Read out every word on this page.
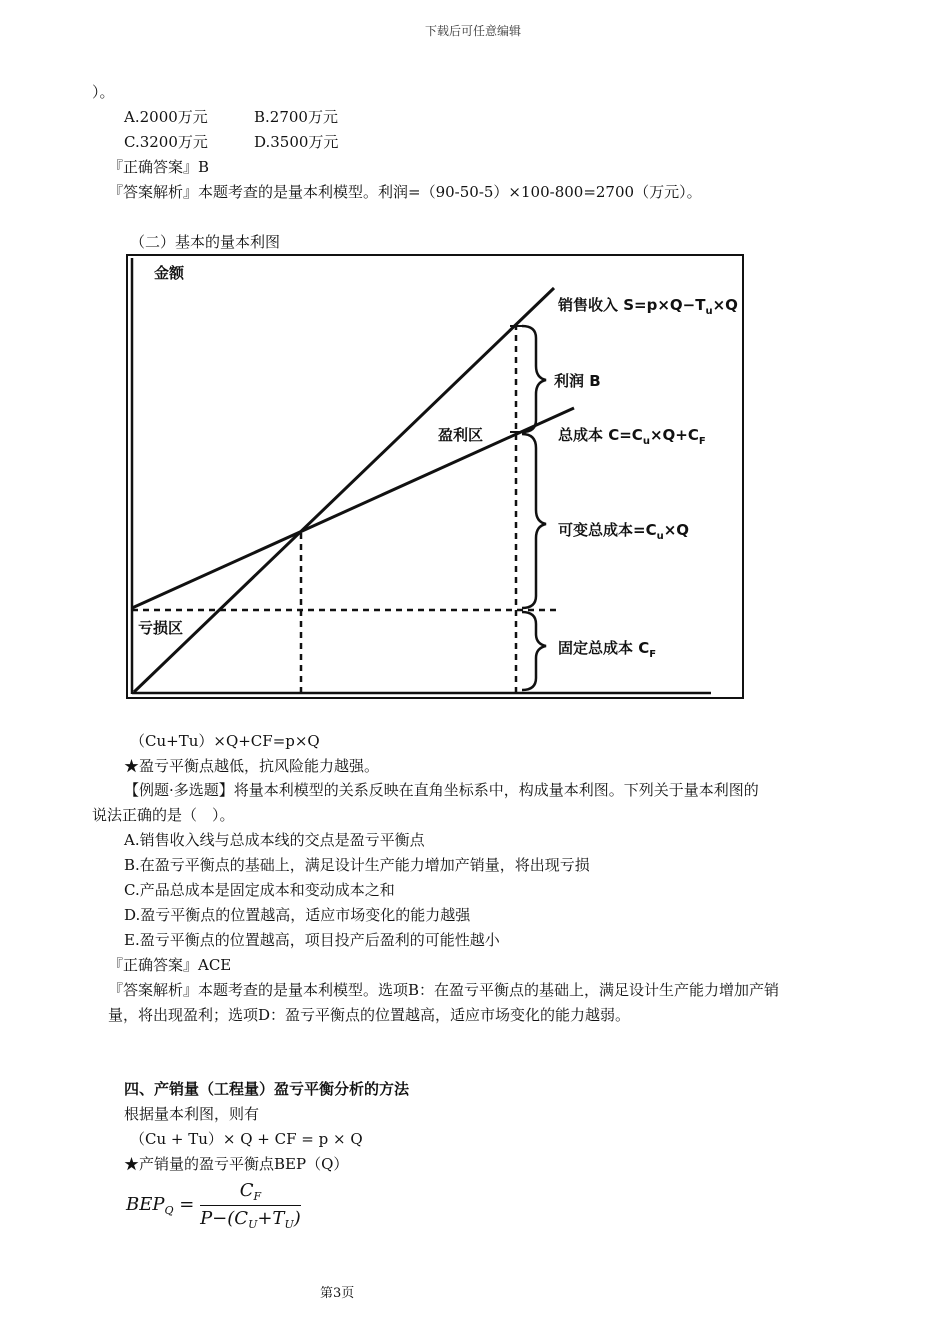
下载后可任意编辑
）。
A.2000万元	B.2700万元
C.3200万元	D.3500万元
『正确答案』B
『答案解析』本题考查的是量本利模型。利润=（90-50-5）×100-800=2700（万元）。
（二）基本的量本利图
金额
销售收入 $S=p\times Q-T_u\times Q$
利润 B
盈利区	总成本 $C=C_u\times Q+C_F$
可变总成本$=C_u\times Q$
亏损区
固定总成本 $C_F$
（Cu+Tu）×Q+CF=p×Q
★盈亏平衡点越低，抗风险能力越强。
【例题·多选题】将量本利模型的关系反映在直角坐标系中，构成量本利图。下列关于量本利图的
说法正确的是（　）。
A.销售收入线与总成本线的交点是盈亏平衡点
B.在盈亏平衡点的基础上，满足设计生产能力增加产销量，将出现亏损
C.产品总成本是固定成本和变动成本之和
D.盈亏平衡点的位置越高，适应市场变化的能力越强
E.盈亏平衡点的位置越高，项目投产后盈利的可能性越小
『正确答案』ACE
『答案解析』本题考查的是量本利模型。选项B：在盈亏平衡点的基础上，满足设计生产能力增加产销
量，将出现盈利；选项D：盈亏平衡点的位置越高，适应市场变化的能力越弱。
四、产销量（工程量）盈亏平衡分析的方法
根据量本利图，则有
（Cu + Tu）× Q + CF = p × Q
★产销量的盈亏平衡点BEP（Q）
$BEP_Q = \frac{C_F}{P-(C_U+T_U)}$
第3页
